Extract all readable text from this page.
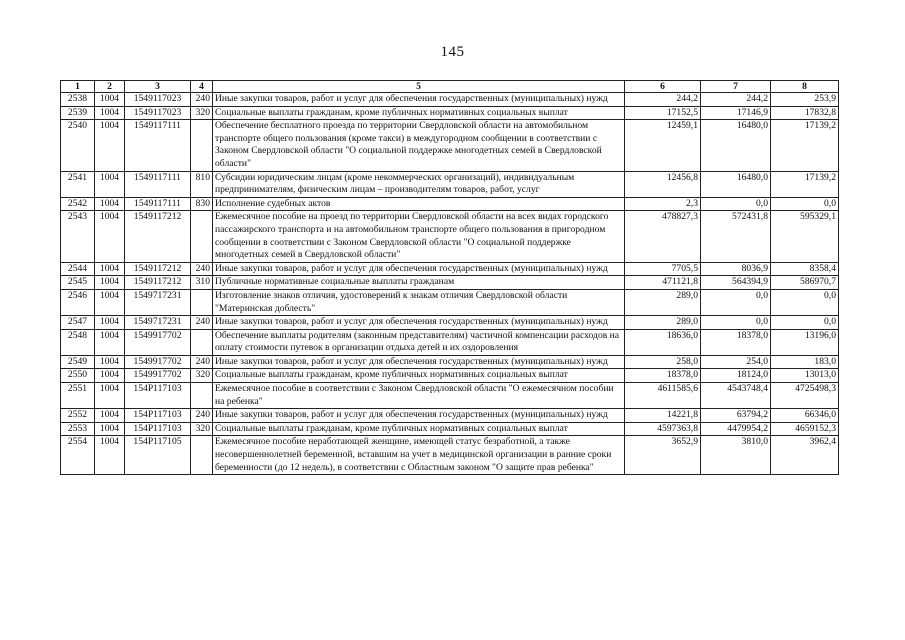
145
1	2	3	4	5	6	7	8
2538	1004	1549117023	240	Иные закупки товаров, работ и услуг для обеспечения государственных (муниципальных) нужд	244,2	244,2	253,9
2539	1004	1549117023	320	Социальные выплаты гражданам, кроме публичных нормативных социальных выплат	17152,5	17146,9	17832,8
2540	1004	1549117111		Обеспечение бесплатного проезда по территории Свердловской области на автомобильном транспорте общего пользования (кроме такси) в междугородном сообщении в соответствии с Законом Свердловской области "О социальной поддержке многодетных семей в Свердловской области"	12459,1	16480,0	17139,2
2541	1004	1549117111	810	Субсидии юридическим лицам (кроме некоммерческих организаций), индивидуальным предпринимателям, физическим лицам – производителям товаров, работ, услуг	12456,8	16480,0	17139,2
2542	1004	1549117111	830	Исполнение судебных актов	2,3	0,0	0,0
2543	1004	1549117212		Ежемесячное пособие на проезд по территории Свердловской области на всех видах городского пассажирского транспорта и на автомобильном транспорте общего пользования в пригородном сообщении в соответствии с Законом Свердловской области "О социальной поддержке многодетных семей в Свердловской области"	478827,3	572431,8	595329,1
2544	1004	1549117212	240	Иные закупки товаров, работ и услуг для обеспечения государственных (муниципальных) нужд	7705,5	8036,9	8358,4
2545	1004	1549117212	310	Публичные нормативные социальные выплаты гражданам	471121,8	564394,9	586970,7
2546	1004	1549717231		Изготовление знаков отличия, удостоверений к знакам отличия Свердловской области "Материнская доблесть"	289,0	0,0	0,0
2547	1004	1549717231	240	Иные закупки товаров, работ и услуг для обеспечения государственных (муниципальных) нужд	289,0	0,0	0,0
2548	1004	1549917702		Обеспечение выплаты родителям (законным представителям) частичной компенсации расходов на оплату стоимости путевок в организации отдыха детей и их оздоровления	18636,0	18378,0	13196,0
2549	1004	1549917702	240	Иные закупки товаров, работ и услуг для обеспечения государственных (муниципальных) нужд	258,0	254,0	183,0
2550	1004	1549917702	320	Социальные выплаты гражданам, кроме публичных нормативных социальных выплат	18378,0	18124,0	13013,0
2551	1004	154P117103		Ежемесячное пособие в соответствии с Законом Свердловской области "О ежемесячном пособии на ребенка"	4611585,6	4543748,4	4725498,3
2552	1004	154P117103	240	Иные закупки товаров, работ и услуг для обеспечения государственных (муниципальных) нужд	14221,8	63794,2	66346,0
2553	1004	154P117103	320	Социальные выплаты гражданам, кроме публичных нормативных социальных выплат	4597363,8	4479954,2	4659152,3
2554	1004	154P117105		Ежемесячное пособие неработающей женщине, имеющей статус безработной, а также несовершеннолетней беременной, вставшим на учет в медицинской организации в ранние сроки беременности (до 12 недель), в соответствии с Областным законом "О защите прав ребенка"	3652,9	3810,0	3962,4
